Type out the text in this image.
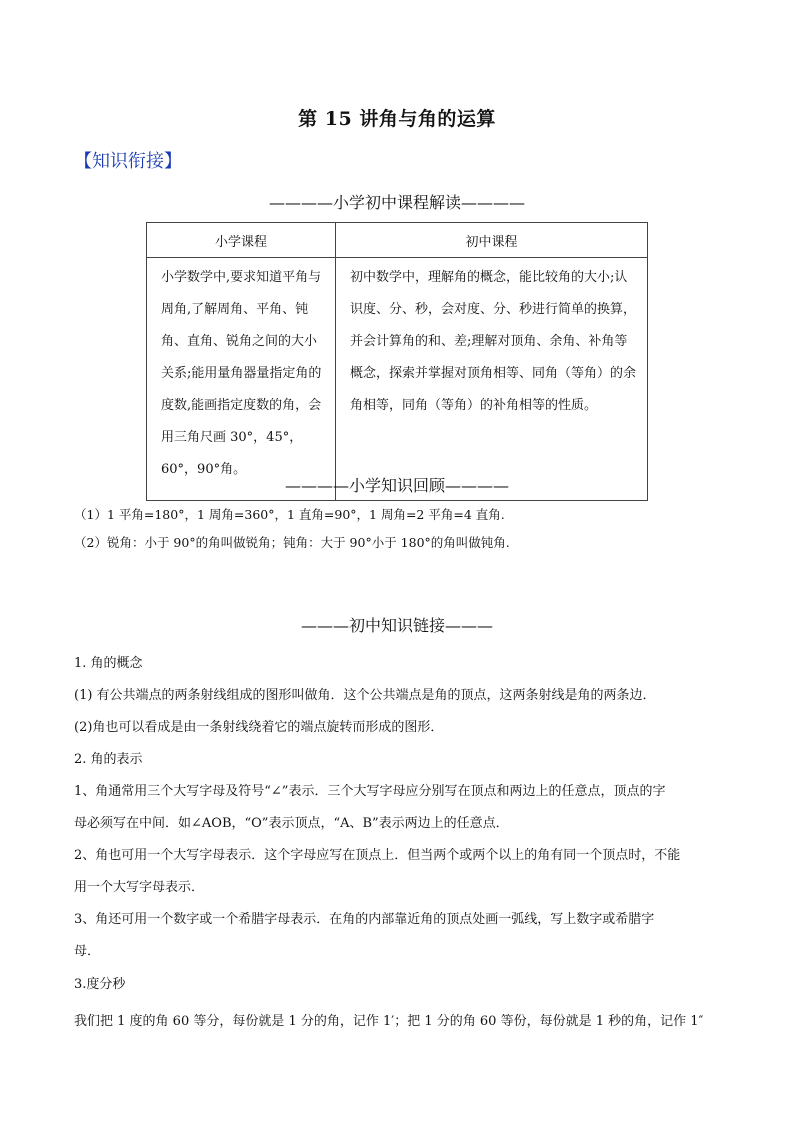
第 15 讲角与角的运算
【知识衔接】
————小学初中课程解读————
小学课程	初中课程
小学数学中,要求知道平角与周角,了解周角、平角、钝角、直角、锐角之间的大小关系;能用量角器量指定角的度数,能画指定度数的角，会用三角尺画 30°，45°，60°，90°角。	初中数学中，理解角的概念，能比较角的大小;认识度、分、秒，会对度、分、秒进行简单的换算，并会计算角的和、差;理解对顶角、余角、补角等概念，探索并掌握对顶角相等、同角（等角）的余角相等，同角（等角）的补角相等的性质。
————小学知识回顾————
（1）1 平角=180°，1 周角=360°，1 直角=90°，1 周角=2 平角=4 直角.
（2）锐角：小于 90°的角叫做锐角；钝角：大于 90°小于 180°的角叫做钝角.
———初中知识链接———
1. 角的概念
(1) 有公共端点的两条射线组成的图形叫做角．这个公共端点是角的顶点，这两条射线是角的两条边．
(2)角也可以看成是由一条射线绕着它的端点旋转而形成的图形．
2. 角的表示
1、角通常用三个大写字母及符号“∠”表示．三个大写字母应分别写在顶点和两边上的任意点，顶点的字
母必须写在中间．如∠AOB，“O”表示顶点，“A、B”表示两边上的任意点．
2、角也可用一个大写字母表示．这个字母应写在顶点上．但当两个或两个以上的角有同一个顶点时，不能
用一个大写字母表示．
3、角还可用一个数字或一个希腊字母表示．在角的内部靠近角的顶点处画一弧线，写上数字或希腊字
母．
3.度分秒
我们把 1 度的角 60 等分，每份就是 1 分的角，记作 1′；把 1 分的角 60 等份，每份就是 1 秒的角，记作 1″
